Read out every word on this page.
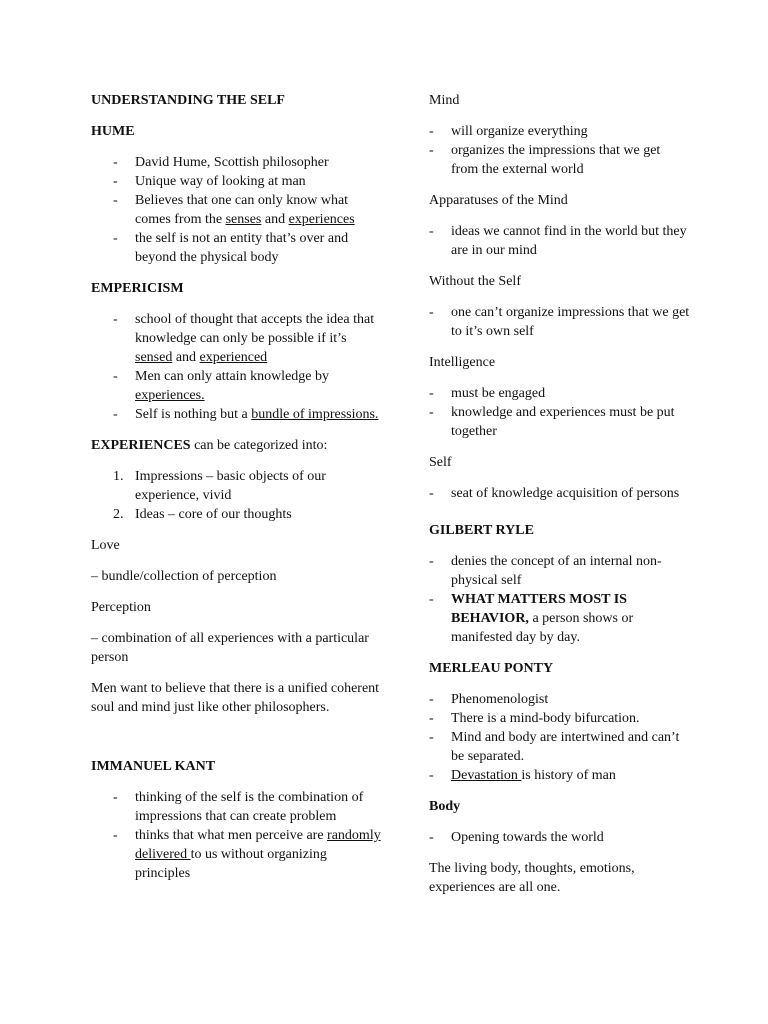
UNDERSTANDING THE SELF
HUME
- David Hume, Scottish philosopher
- Unique way of looking at man
- Believes that one can only know what comes from the senses and experiences
- the self is not an entity that’s over and beyond the physical body
EMPERICISM
- school of thought that accepts the idea that knowledge can only be possible if it’s sensed and experienced
- Men can only attain knowledge by experiences.
- Self is nothing but a bundle of impressions.

EXPERIENCES can be categorized into:

1. Impressions – basic objects of our experience, vivid
2. Ideas – core of our thoughts

Love

– bundle/collection of perception

Perception

– combination of all experiences with a particular person

Men want to believe that there is a unified coherent soul and mind just like other philosophers.

IMMANUEL KANT
- thinking of the self is the combination of impressions that can create problem
- thinks that what men perceive are randomly delivered to us without organizing principles

Mind

- will organize everything
- organizes the impressions that we get from the external world

Apparatuses of the Mind

- ideas we cannot find in the world but they are in our mind

Without the Self

- one can’t organize impressions that we get to it’s own self

Intelligence

- must be engaged
- knowledge and experiences must be put together

Self

- seat of knowledge acquisition of persons
GILBERT RYLE
- denies the concept of an internal non-physical self
- WHAT MATTERS MOST IS BEHAVIOR, a person shows or manifested day by day.
MERLEAU PONTY
- Phenomenologist
- There is a mind-body bifurcation.
- Mind and body are intertwined and can’t be separated.
- Devastation is history of man
Body
- Opening towards the world

The living body, thoughts, emotions, experiences are all one.
